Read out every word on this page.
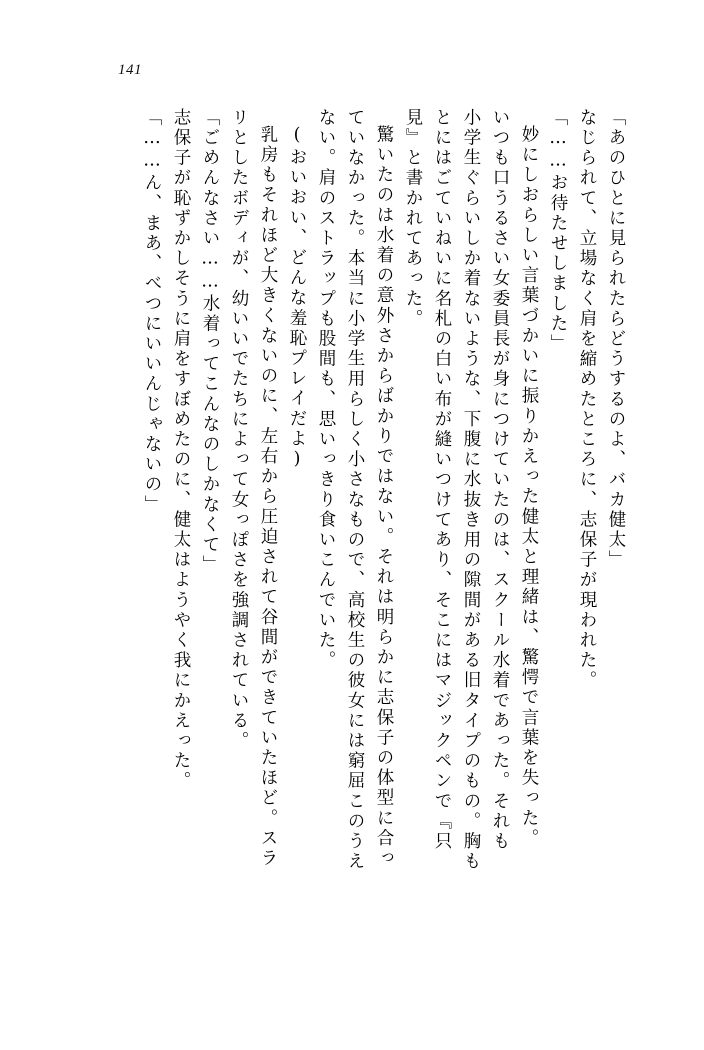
141
「あのひとに見られたらどうするのよ、バカ健太」
なじられて、立場なく肩を縮めたところに、志保子が現われた。
「……お待たせしました」
妙にしおらしい言葉づかいに振りかえった健太と理緒は、驚愕で言葉を失った。
いつも口うるさい女委員長が身につけていたのは、スクール水着であった。それも
小学生ぐらいしか着ないような、下腹に水抜き用の隙間がある旧タイプのもの。胸も
とにはごていねいに名札の白い布が縫いつけてあり、そこにはマジックペンで『只
見』と書かれてあった。
驚いたのは水着の意外さからばかりではない。それは明らかに志保子の体型に合っ
ていなかった。本当に小学生用らしく小さなもので、高校生の彼女には窮屈このうえ
ない。肩のストラップも股間も、思いっきり食いこんでいた。
(おいおい、どんな羞恥プレイだよ)
乳房もそれほど大きくないのに、左右から圧迫されて谷間ができていたほど。スラ
リとしたボディが、幼いいでたちによって女っぽさを強調されている。
「ごめんなさい……水着ってこんなのしかなくて」
志保子が恥ずかしそうに肩をすぼめたのに、健太はようやく我にかえった。
「……ん、まあ、べつにいいんじゃないの」
